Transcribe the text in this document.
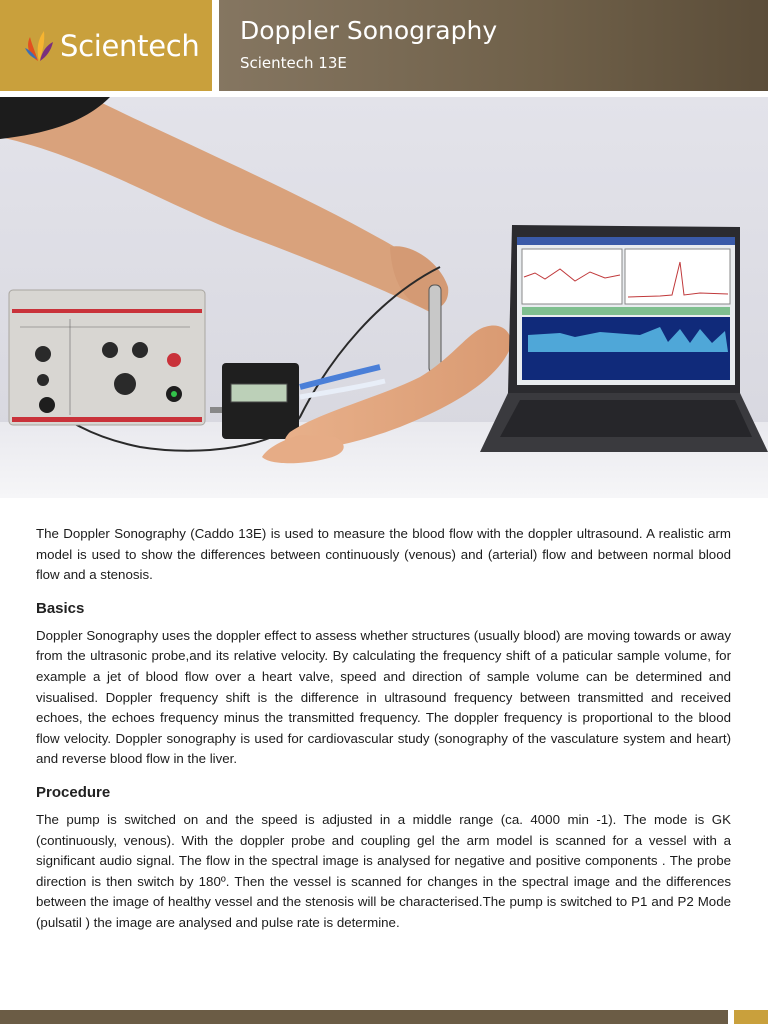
Scientech Doppler Sonography
Scientech 13E

The Doppler Sonography (Caddo 13E) is used to measure the blood flow with the doppler ultrasound. A realistic arm model is used to show the differences between continuously (venous) and (arterial) flow and between normal blood flow and a stenosis.

Basics

Doppler Sonography uses the doppler effect to assess whether structures (usually blood) are moving towards or away from the ultrasonic probe,and its relative velocity. By calculating the frequency shift of a paticular sample volume, for example a jet of blood flow over a heart valve, speed and direction of sample volume can be determined and visualised. Doppler frequency shift is the difference in ultrasound frequency between transmitted and received echoes, the echoes frequency minus the transmitted frequency. The doppler frequency is proportional to the blood flow velocity. Doppler sonography is used for cardiovascular study (sonography of the vasculature system and heart) and reverse blood flow in the liver.

Procedure

The pump is switched on and the speed is adjusted in a middle range (ca. 4000 min -1). The mode is GK (continuously, venous). With the doppler probe and coupling gel the arm model is scanned for a vessel with a significant audio signal. The flow in the spectral image is analysed for negative and positive components . The probe direction is then switch by 180º. Then the vessel is scanned for changes in the spectral image and the differences between the image of healthy vessel and the stenosis will be characterised.The pump is switched to P1 and P2 Mode (pulsatil ) the image are analysed and pulse rate is determine.
